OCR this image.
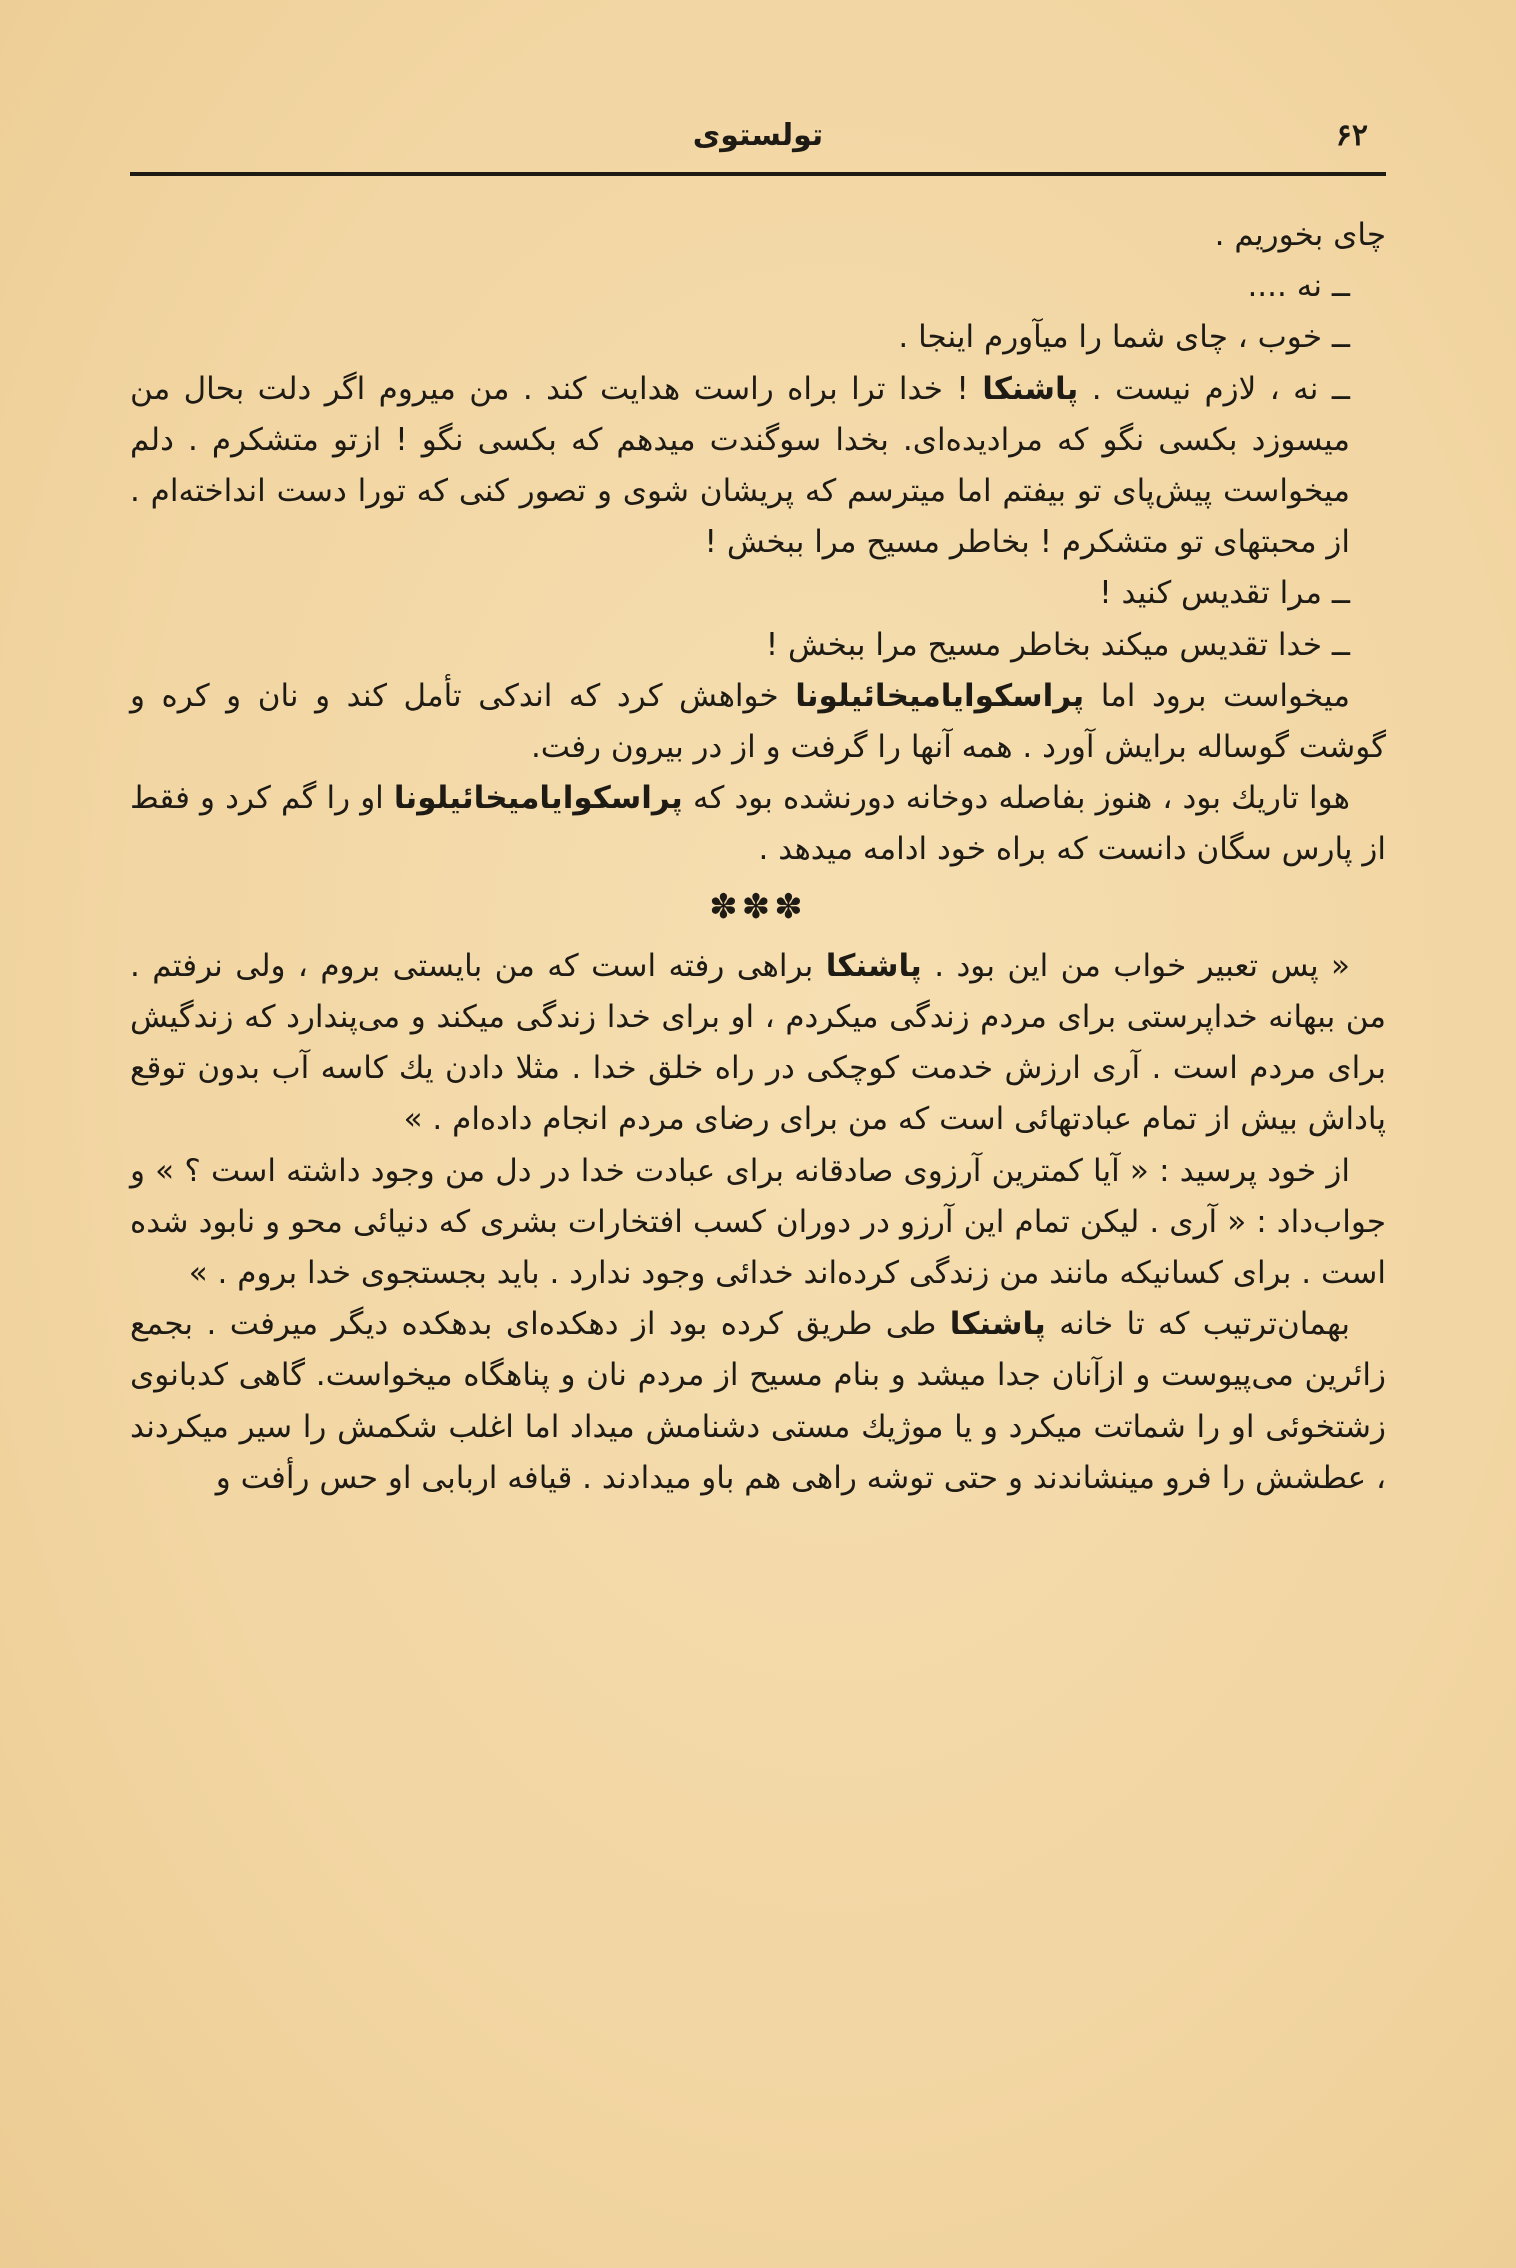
۶۲
تولستوی

چای بخوریم .

ــ نه ....

ــ خوب ، چای شما را میآورم اینجا .

ــ نه ، لازم نیست . پاشنکا ! خدا ترا براه راست هدایت کند . من میروم اگر دلت بحال من میسوزد بکسی نگو که مرادیده‌ای. بخدا سوگندت میدهم که بکسی نگو ! ازتو متشکرم . دلم میخواست پیش‌پای تو بیفتم اما میترسم که پریشان شوی و تصور کنی که تورا دست انداخته‌ام . از محبتهای تو متشکرم ! بخاطر مسیح مرا ببخش !

ــ مرا تقدیس کنید !

ــ خدا تقدیس میکند بخاطر مسیح مرا ببخش !

میخواست برود اما پراسکوایامیخائیلونا خواهش کرد که اندکی تأمل کند و نان و کره و گوشت گوساله برایش آورد . همه آنها را گرفت و از در بیرون رفت.

هوا تاریك بود ، هنوز بفاصله دوخانه دورنشده بود که پراسکوایامیخائیلونا او را گم کرد و فقط از پارس سگان دانست که براه خود ادامه میدهد .

✽✽✽

« پس تعبیر خواب من این بود . پاشنکا براهی رفته است که من بایستی بروم ، ولی نرفتم . من ببهانه خداپرستی برای مردم زندگی میکردم ، او برای خدا زندگی میکند و می‌پندارد که زندگیش برای مردم است . آری ارزش خدمت کوچکی در راه خلق خدا . مثلا دادن یك کاسه آب بدون توقع پاداش بیش از تمام عبادتهائی است که من برای رضای مردم انجام داده‌ام . »

از خود پرسید : « آیا کمترین آرزوی صادقانه برای عبادت خدا در دل من وجود داشته است ؟ » و جواب‌داد : « آری . لیکن تمام این آرزو در دوران کسب افتخارات بشری که دنیائی محو و نابود شده است . برای کسانیکه مانند من زندگی کرده‌اند خدائی وجود ندارد . باید بجستجوی خدا بروم . »

بهمان‌ترتیب که تا خانه پاشنکا طی طریق کرده بود از دهکده‌ای بدهکده دیگر میرفت . بجمع زائرین می‌پیوست و ازآنان جدا میشد و بنام مسیح از مردم نان و پناهگاه میخواست. گاهی کدبانوی زشتخوئی او را شماتت میکرد و یا موژیك مستی دشنامش میداد اما اغلب شکمش را سیر میکردند ، عطشش را فرو مینشاندند و حتی توشه راهی هم باو میدادند . قیافه اربابی او حس رأفت و
